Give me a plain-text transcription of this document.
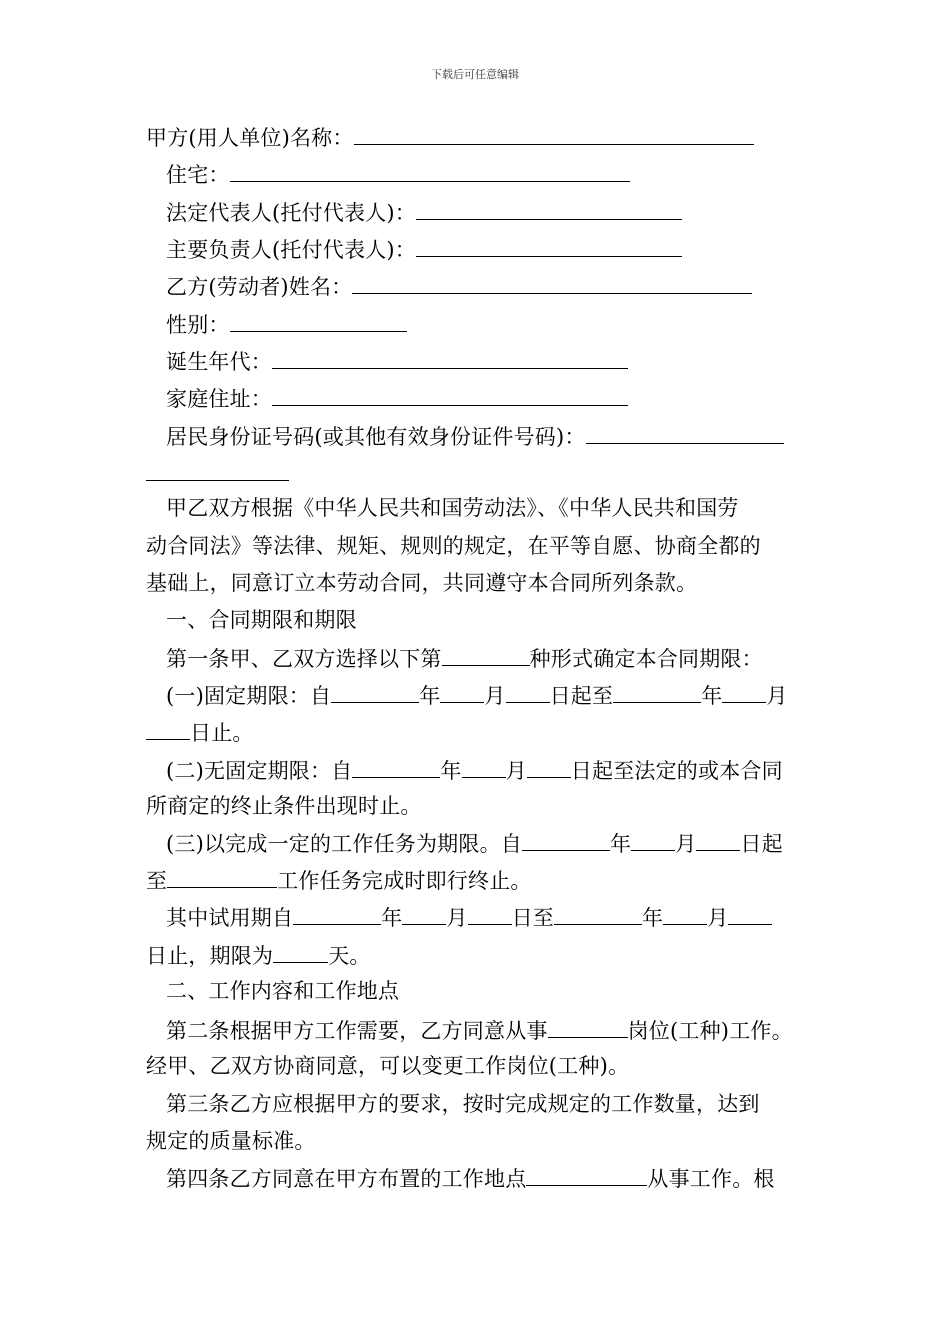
下载后可任意编辑
甲方(用人单位)名称：
住宅：
法定代表人(托付代表人)：
主要负责人(托付代表人)：
乙方(劳动者)姓名：
性别：
诞生年代：
家庭住址：
居民身份证号码(或其他有效身份证件号码)：
甲乙双方根据《中华人民共和国劳动法》、《中华人民共和国劳
动合同法》等法律、规矩、规则的规定，在平等自愿、协商全都的
基础上，同意订立本劳动合同，共同遵守本合同所列条款。
一、合同期限和期限
第一条甲、乙双方选择以下第	种形式确定本合同期限：
(一)固定期限：自	年 月 日起至	年 月
日止。
(二)无固定期限：自	年 月 日起至法定的或本合同
所商定的终止条件出现时止。
(三)以完成一定的工作任务为期限。自	年 月 日起
至	工作任务完成时即行终止。
其中试用期自	年 月 日至	年 月
日止，期限为	天。
二、工作内容和工作地点
第二条根据甲方工作需要，乙方同意从事	岗位(工种)工作。
经甲、乙双方协商同意，可以变更工作岗位(工种)。
第三条乙方应根据甲方的要求，按时完成规定的工作数量，达到
规定的质量标准。
第四条乙方同意在甲方布置的工作地点	从事工作。根
